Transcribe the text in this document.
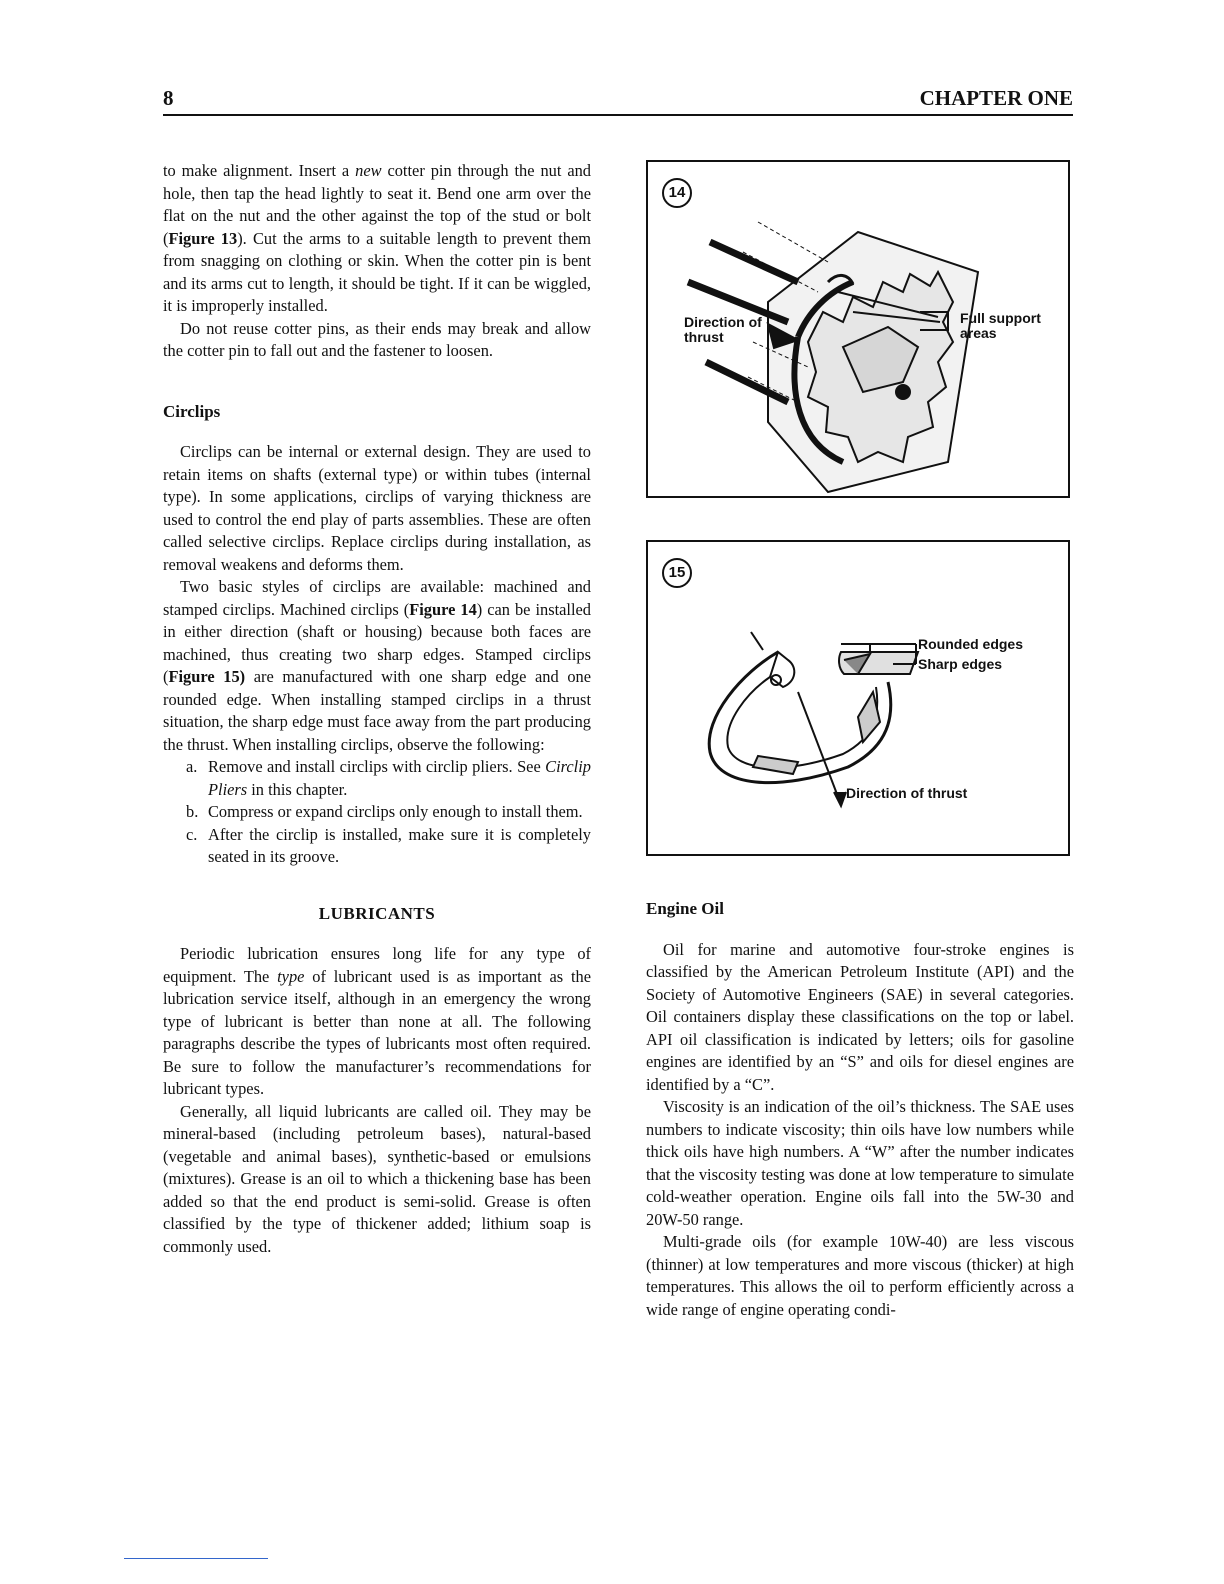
8	CHAPTER ONE

to make alignment. Insert a new cotter pin through the nut and hole, then tap the head lightly to seat it. Bend one arm over the flat on the nut and the other against the top of the stud or bolt (Figure 13). Cut the arms to a suitable length to prevent them from snagging on clothing or skin. When the cotter pin is bent and its arms cut to length, it should be tight. If it can be wiggled, it is improperly installed.

Do not reuse cotter pins, as their ends may break and allow the cotter pin to fall out and the fastener to loosen.

Circlips

Circlips can be internal or external design. They are used to retain items on shafts (external type) or within tubes (internal type). In some applications, circlips of varying thickness are used to control the end play of parts assemblies. These are often called selective circlips. Replace circlips during installation, as removal weakens and deforms them.

Two basic styles of circlips are available: machined and stamped circlips. Machined circlips (Figure 14) can be installed in either direction (shaft or housing) because both faces are machined, thus creating two sharp edges. Stamped circlips (Figure 15) are manufactured with one sharp edge and one rounded edge. When installing stamped circlips in a thrust situation, the sharp edge must face away from the part producing the thrust. When installing circlips, observe the following:

a. Remove and install circlips with circlip pliers. See Circlip Pliers in this chapter.
b. Compress or expand circlips only enough to install them.
c. After the circlip is installed, make sure it is completely seated in its groove.
LUBRICANTS

Periodic lubrication ensures long life for any type of equipment. The type of lubricant used is as important as the lubrication service itself, although in an emergency the wrong type of lubricant is better than none at all. The following paragraphs describe the types of lubricants most often required. Be sure to follow the manufacturer’s recommendations for lubricant types.

Generally, all liquid lubricants are called oil. They may be mineral-based (including petroleum bases), natural-based (vegetable and animal bases), synthetic-based or emulsions (mixtures). Grease is an oil to which a thickening base has been added so that the end product is semi-solid. Grease is often classified by the type of thickener added; lithium soap is commonly used.

14
Direction of thrust
Full support areas
15
Rounded edges
Sharp edges
Direction of thrust
Engine Oil

Oil for marine and automotive four-stroke engines is classified by the American Petroleum Institute (API) and the Society of Automotive Engineers (SAE) in several categories. Oil containers display these classifications on the top or label. API oil classification is indicated by letters; oils for gasoline engines are identified by an “S” and oils for diesel engines are identified by a “C”.

Viscosity is an indication of the oil’s thickness. The SAE uses numbers to indicate viscosity; thin oils have low numbers while thick oils have high numbers. A “W” after the number indicates that the viscosity testing was done at low temperature to simulate cold-weather operation. Engine oils fall into the 5W-30 and 20W-50 range.

Multi-grade oils (for example 10W-40) are less viscous (thinner) at low temperatures and more viscous (thicker) at high temperatures. This allows the oil to perform efficiently across a wide range of engine operating condi-
